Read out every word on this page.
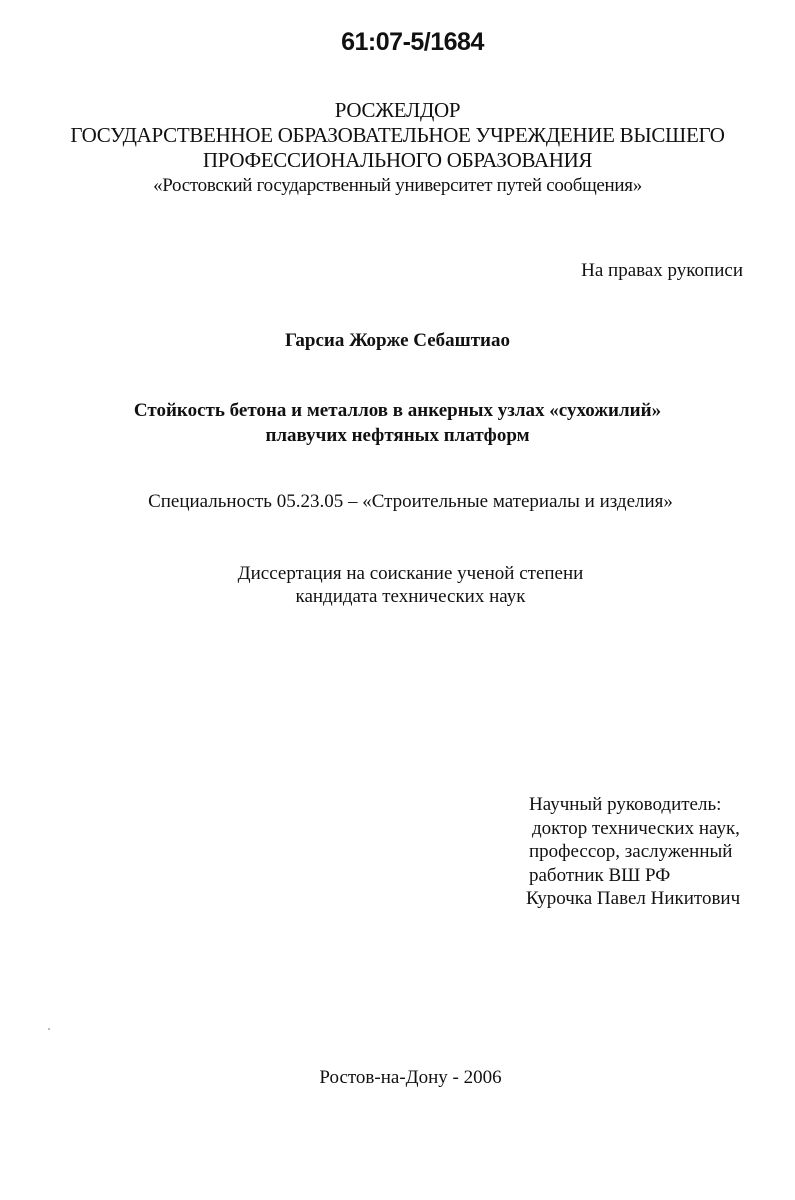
61:07-5/1684
РОСЖЕЛДОР
ГОСУДАРСТВЕННОЕ ОБРАЗОВАТЕЛЬНОЕ УЧРЕЖДЕНИЕ ВЫСШЕГО
ПРОФЕССИОНАЛЬНОГО ОБРАЗОВАНИЯ
«Ростовский государственный университет путей сообщения»
На правах рукописи
Гарсиа Жорже Себаштиао
Стойкость бетона и металлов в анкерных узлах «сухожилий»
плавучих нефтяных платформ
Специальность 05.23.05 – «Строительные материалы и изделия»
Диссертация на соискание ученой степени
кандидата технических наук
Научный руководитель:
доктор технических наук,
профессор, заслуженный
работник ВШ РФ
Курочка Павел Никитович
Ростов-на-Дону - 2006
